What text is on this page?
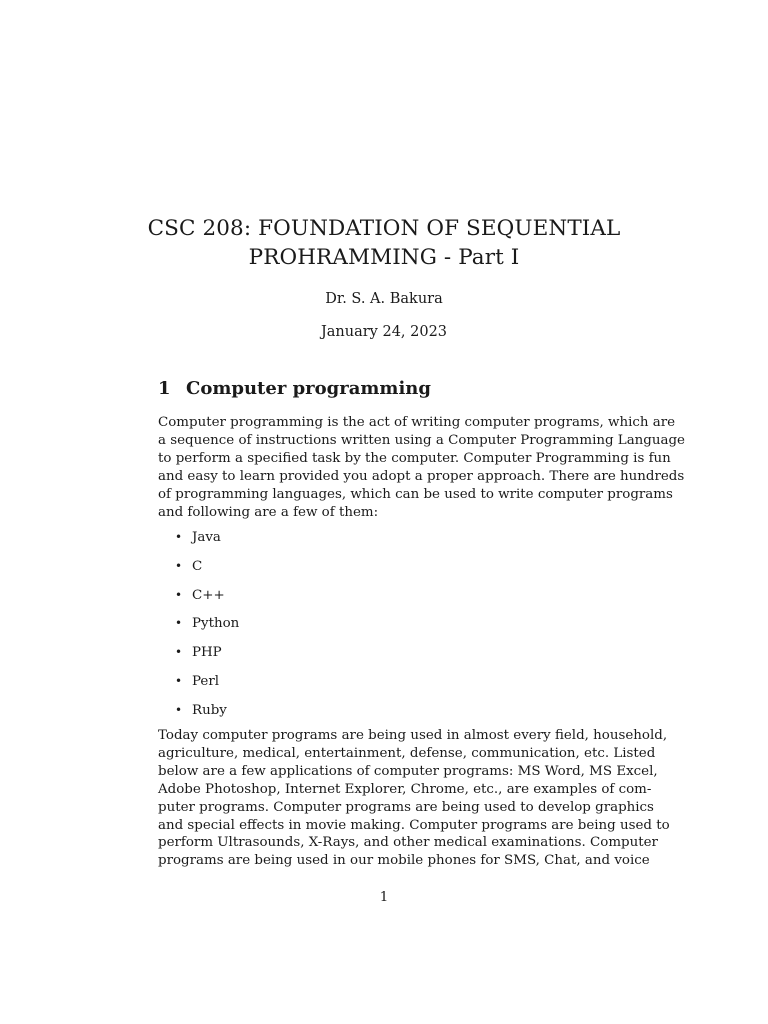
CSC 208: FOUNDATION OF SEQUENTIAL
PROHRAMMING - Part I
Dr. S. A. Bakura
January 24, 2023
1 Computer programming
Computer programming is the act of writing computer programs, which are
a sequence of instructions written using a Computer Programming Language
to perform a specified task by the computer. Computer Programming is fun
and easy to learn provided you adopt a proper approach. There are hundreds
of programming languages, which can be used to write computer programs
and following are a few of them:
• Java
• C
• C++
• Python
• PHP
• Perl
• Ruby
Today computer programs are being used in almost every field, household,
agriculture, medical, entertainment, defense, communication, etc. Listed
below are a few applications of computer programs: MS Word, MS Excel,
Adobe Photoshop, Internet Explorer, Chrome, etc., are examples of com-
puter programs. Computer programs are being used to develop graphics
and special effects in movie making. Computer programs are being used to
perform Ultrasounds, X-Rays, and other medical examinations. Computer
programs are being used in our mobile phones for SMS, Chat, and voice
1
